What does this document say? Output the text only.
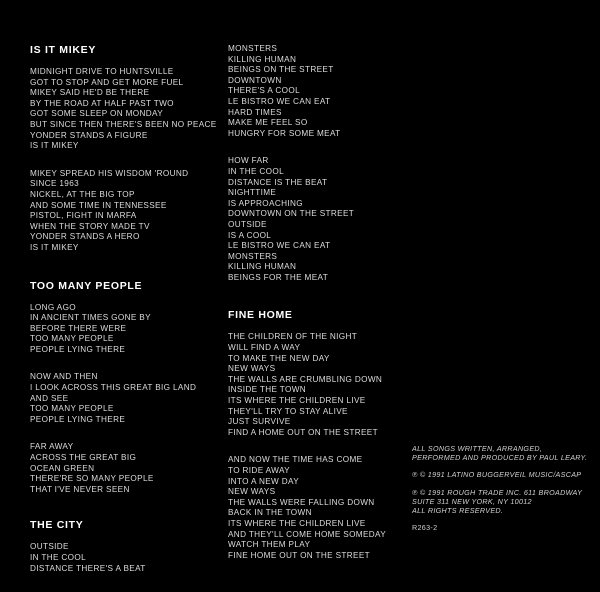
IS IT MIKEY
MIDNIGHT DRIVE TO HUNTSVILLE
GOT TO STOP AND GET MORE FUEL
MIKEY SAID HE'D BE THERE
BY THE ROAD AT HALF PAST TWO
GOT SOME SLEEP ON MONDAY
BUT SINCE THEN THERE'S BEEN NO PEACE
YONDER STANDS A FIGURE
IS IT MIKEY
MIKEY SPREAD HIS WISDOM 'ROUND
SINCE 1963
NICKEL, AT THE BIG TOP
AND SOME TIME IN TENNESSEE
PISTOL, FIGHT IN MARFA
WHEN THE STORY MADE TV
YONDER STANDS A HERO
IS IT MIKEY
TOO MANY PEOPLE
LONG AGO
IN ANCIENT TIMES GONE BY
BEFORE THERE WERE
TOO MANY PEOPLE
PEOPLE LYING THERE
NOW AND THEN
I LOOK ACROSS THIS GREAT BIG LAND
AND SEE
TOO MANY PEOPLE
PEOPLE LYING THERE
FAR AWAY
ACROSS THE GREAT BIG
OCEAN GREEN
THERE'RE SO MANY PEOPLE
THAT I'VE NEVER SEEN
THE CITY
OUTSIDE
IN THE COOL
DISTANCE THERE'S A BEAT
MONSTERS
KILLING HUMAN
BEINGS ON THE STREET
DOWNTOWN
THERE'S A COOL
LE BISTRO WE CAN EAT
HARD TIMES
MAKE ME FEEL SO
HUNGRY FOR SOME MEAT
HOW FAR
IN THE COOL
DISTANCE IS THE BEAT
NIGHTTIME
IS APPROACHING
DOWNTOWN ON THE STREET
OUTSIDE
IS A COOL
LE BISTRO WE CAN EAT
MONSTERS
KILLING HUMAN
BEINGS FOR THE MEAT
FINE HOME
THE CHILDREN OF THE NIGHT
WILL FIND A WAY
TO MAKE THE NEW DAY
NEW WAYS
THE WALLS ARE CRUMBLING DOWN
INSIDE THE TOWN
ITS WHERE THE CHILDREN LIVE
THEY'LL TRY TO STAY ALIVE
JUST SURVIVE
FIND A HOME OUT ON THE STREET
AND NOW THE TIME HAS COME
TO RIDE AWAY
INTO A NEW DAY
NEW WAYS
THE WALLS WERE FALLING DOWN
BACK IN THE TOWN
ITS WHERE THE CHILDREN LIVE
AND THEY'LL COME HOME SOMEDAY
WATCH THEM PLAY
FINE HOME OUT ON THE STREET
ALL SONGS WRITTEN, ARRANGED,
PERFORMED AND PRODUCED BY PAUL LEARY.
℗ © 1991 LATINO BUGGERVEIL MUSIC/ASCAP
℗ © 1991 ROUGH TRADE INC. 611 BROADWAY
SUITE 311 NEW YORK, NY 10012
ALL RIGHTS RESERVED.
R263-2
